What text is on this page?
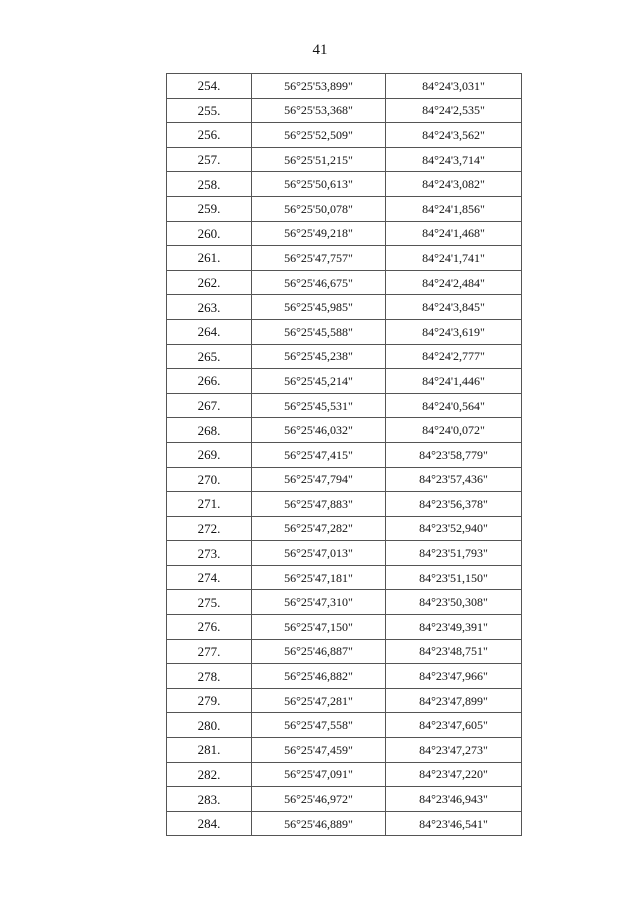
41
254.	56°25'53,899"	84°24'3,031"
255.	56°25'53,368"	84°24'2,535"
256.	56°25'52,509"	84°24'3,562"
257.	56°25'51,215"	84°24'3,714"
258.	56°25'50,613"	84°24'3,082"
259.	56°25'50,078"	84°24'1,856"
260.	56°25'49,218"	84°24'1,468"
261.	56°25'47,757"	84°24'1,741"
262.	56°25'46,675"	84°24'2,484"
263.	56°25'45,985"	84°24'3,845"
264.	56°25'45,588"	84°24'3,619"
265.	56°25'45,238"	84°24'2,777"
266.	56°25'45,214"	84°24'1,446"
267.	56°25'45,531"	84°24'0,564"
268.	56°25'46,032"	84°24'0,072"
269.	56°25'47,415"	84°23'58,779"
270.	56°25'47,794"	84°23'57,436"
271.	56°25'47,883"	84°23'56,378"
272.	56°25'47,282"	84°23'52,940"
273.	56°25'47,013"	84°23'51,793"
274.	56°25'47,181"	84°23'51,150"
275.	56°25'47,310"	84°23'50,308"
276.	56°25'47,150"	84°23'49,391"
277.	56°25'46,887"	84°23'48,751"
278.	56°25'46,882"	84°23'47,966"
279.	56°25'47,281"	84°23'47,899"
280.	56°25'47,558"	84°23'47,605"
281.	56°25'47,459"	84°23'47,273"
282.	56°25'47,091"	84°23'47,220"
283.	56°25'46,972"	84°23'46,943"
284.	56°25'46,889"	84°23'46,541"
